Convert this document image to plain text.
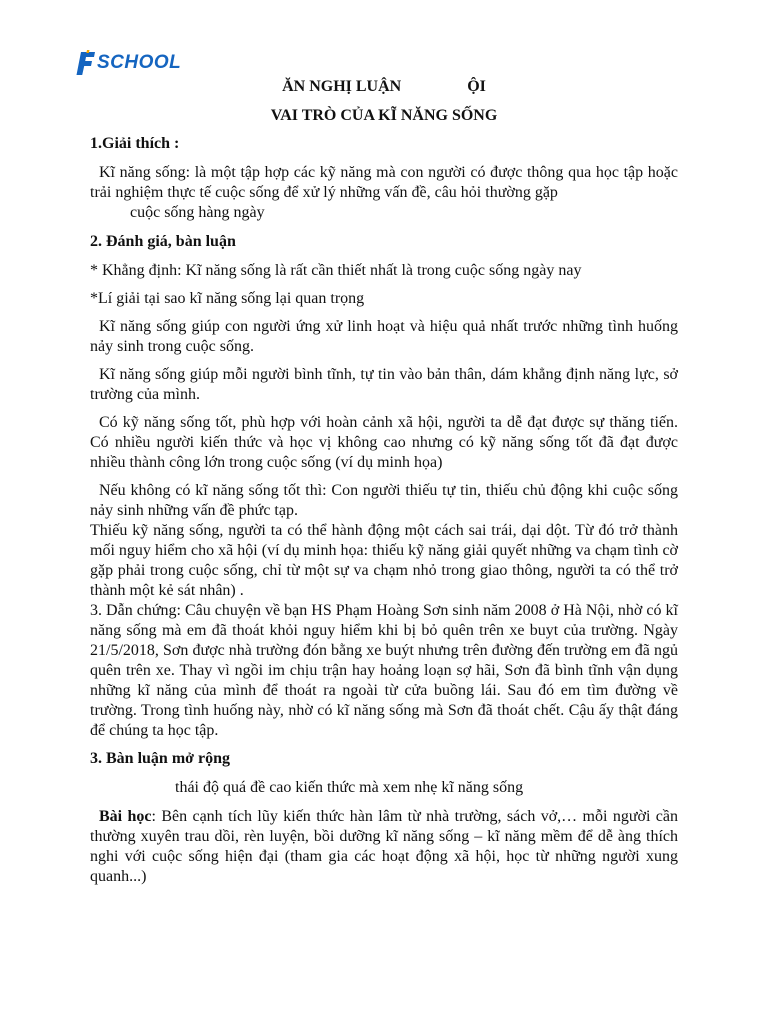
SCHOOL
ĂN NGHỊ LUẬN	ỘI
VAI TRÒ CỦA KĨ NĂNG SỐNG

1.Giải thích :

Kĩ năng sống: là một tập hợp các kỹ năng mà con người có được thông qua học tập hoặc trải nghiệm thực tế cuộc sống để xử lý những vấn đề, câu hỏi thường gặp

cuộc sống hàng ngày

2. Đánh giá, bàn luận

* Khẳng định: Kĩ năng sống là rất cần thiết nhất là trong cuộc sống ngày nay

*Lí giải tại sao kĩ năng sống lại quan trọng

Kĩ năng sống giúp con người ứng xử linh hoạt và hiệu quả nhất trước những tình huống nảy sinh trong cuộc sống.

Kĩ năng sống giúp mỗi người bình tĩnh, tự tin vào bản thân, dám khẳng định năng lực, sở trường của mình.

Có kỹ năng sống tốt, phù hợp với hoàn cảnh xã hội, người ta dễ đạt được sự thăng tiến. Có nhiều người kiến thức và học vị không cao nhưng có kỹ năng sống tốt đã đạt được nhiều thành công lớn trong cuộc sống (ví dụ minh họa)

Nếu không có kĩ năng sống tốt thì: Con người thiếu tự tin, thiếu chủ động khi cuộc sống nảy sinh những vấn đề phức tạp.

Thiếu kỹ năng sống, người ta có thể hành động một cách sai trái, dại dột. Từ đó trở thành mối nguy hiểm cho xã hội (ví dụ minh họa: thiếu kỹ năng giải quyết những va chạm tình cờ gặp phải trong cuộc sống, chỉ từ một sự va chạm nhỏ trong giao thông, người ta có thể trở thành một kẻ sát nhân) .

3. Dẫn chứng: Câu chuyện về bạn HS Phạm Hoàng Sơn sinh năm 2008 ở Hà Nội, nhờ có kĩ năng sống mà em đã thoát khỏi nguy hiểm khi bị bỏ quên trên xe buyt của trường. Ngày 21/5/2018, Sơn được nhà trường đón bằng xe buýt nhưng trên đường đến trường em đã ngủ quên trên xe. Thay vì ngồi im chịu trận hay hoảng loạn sợ hãi, Sơn đã bình tĩnh vận dụng những kĩ năng của mình để thoát ra ngoài từ cửa buồng lái. Sau đó em tìm đường về trường. Trong tình huống này, nhờ có kĩ năng sống mà Sơn đã thoát chết. Cậu ấy thật đáng để chúng ta học tập.

3. Bàn luận mở rộng

thái độ quá đề cao kiến thức mà xem nhẹ kĩ năng sống

Bài học: Bên cạnh tích lũy kiến thức hàn lâm từ nhà trường, sách vở,… mỗi người cần thường xuyên trau dồi, rèn luyện, bồi dưỡng kĩ năng sống – kĩ năng mềm để dễ àng thích nghi với cuộc sống hiện đại (tham gia các hoạt động xã hội, học từ những người xung quanh...)
